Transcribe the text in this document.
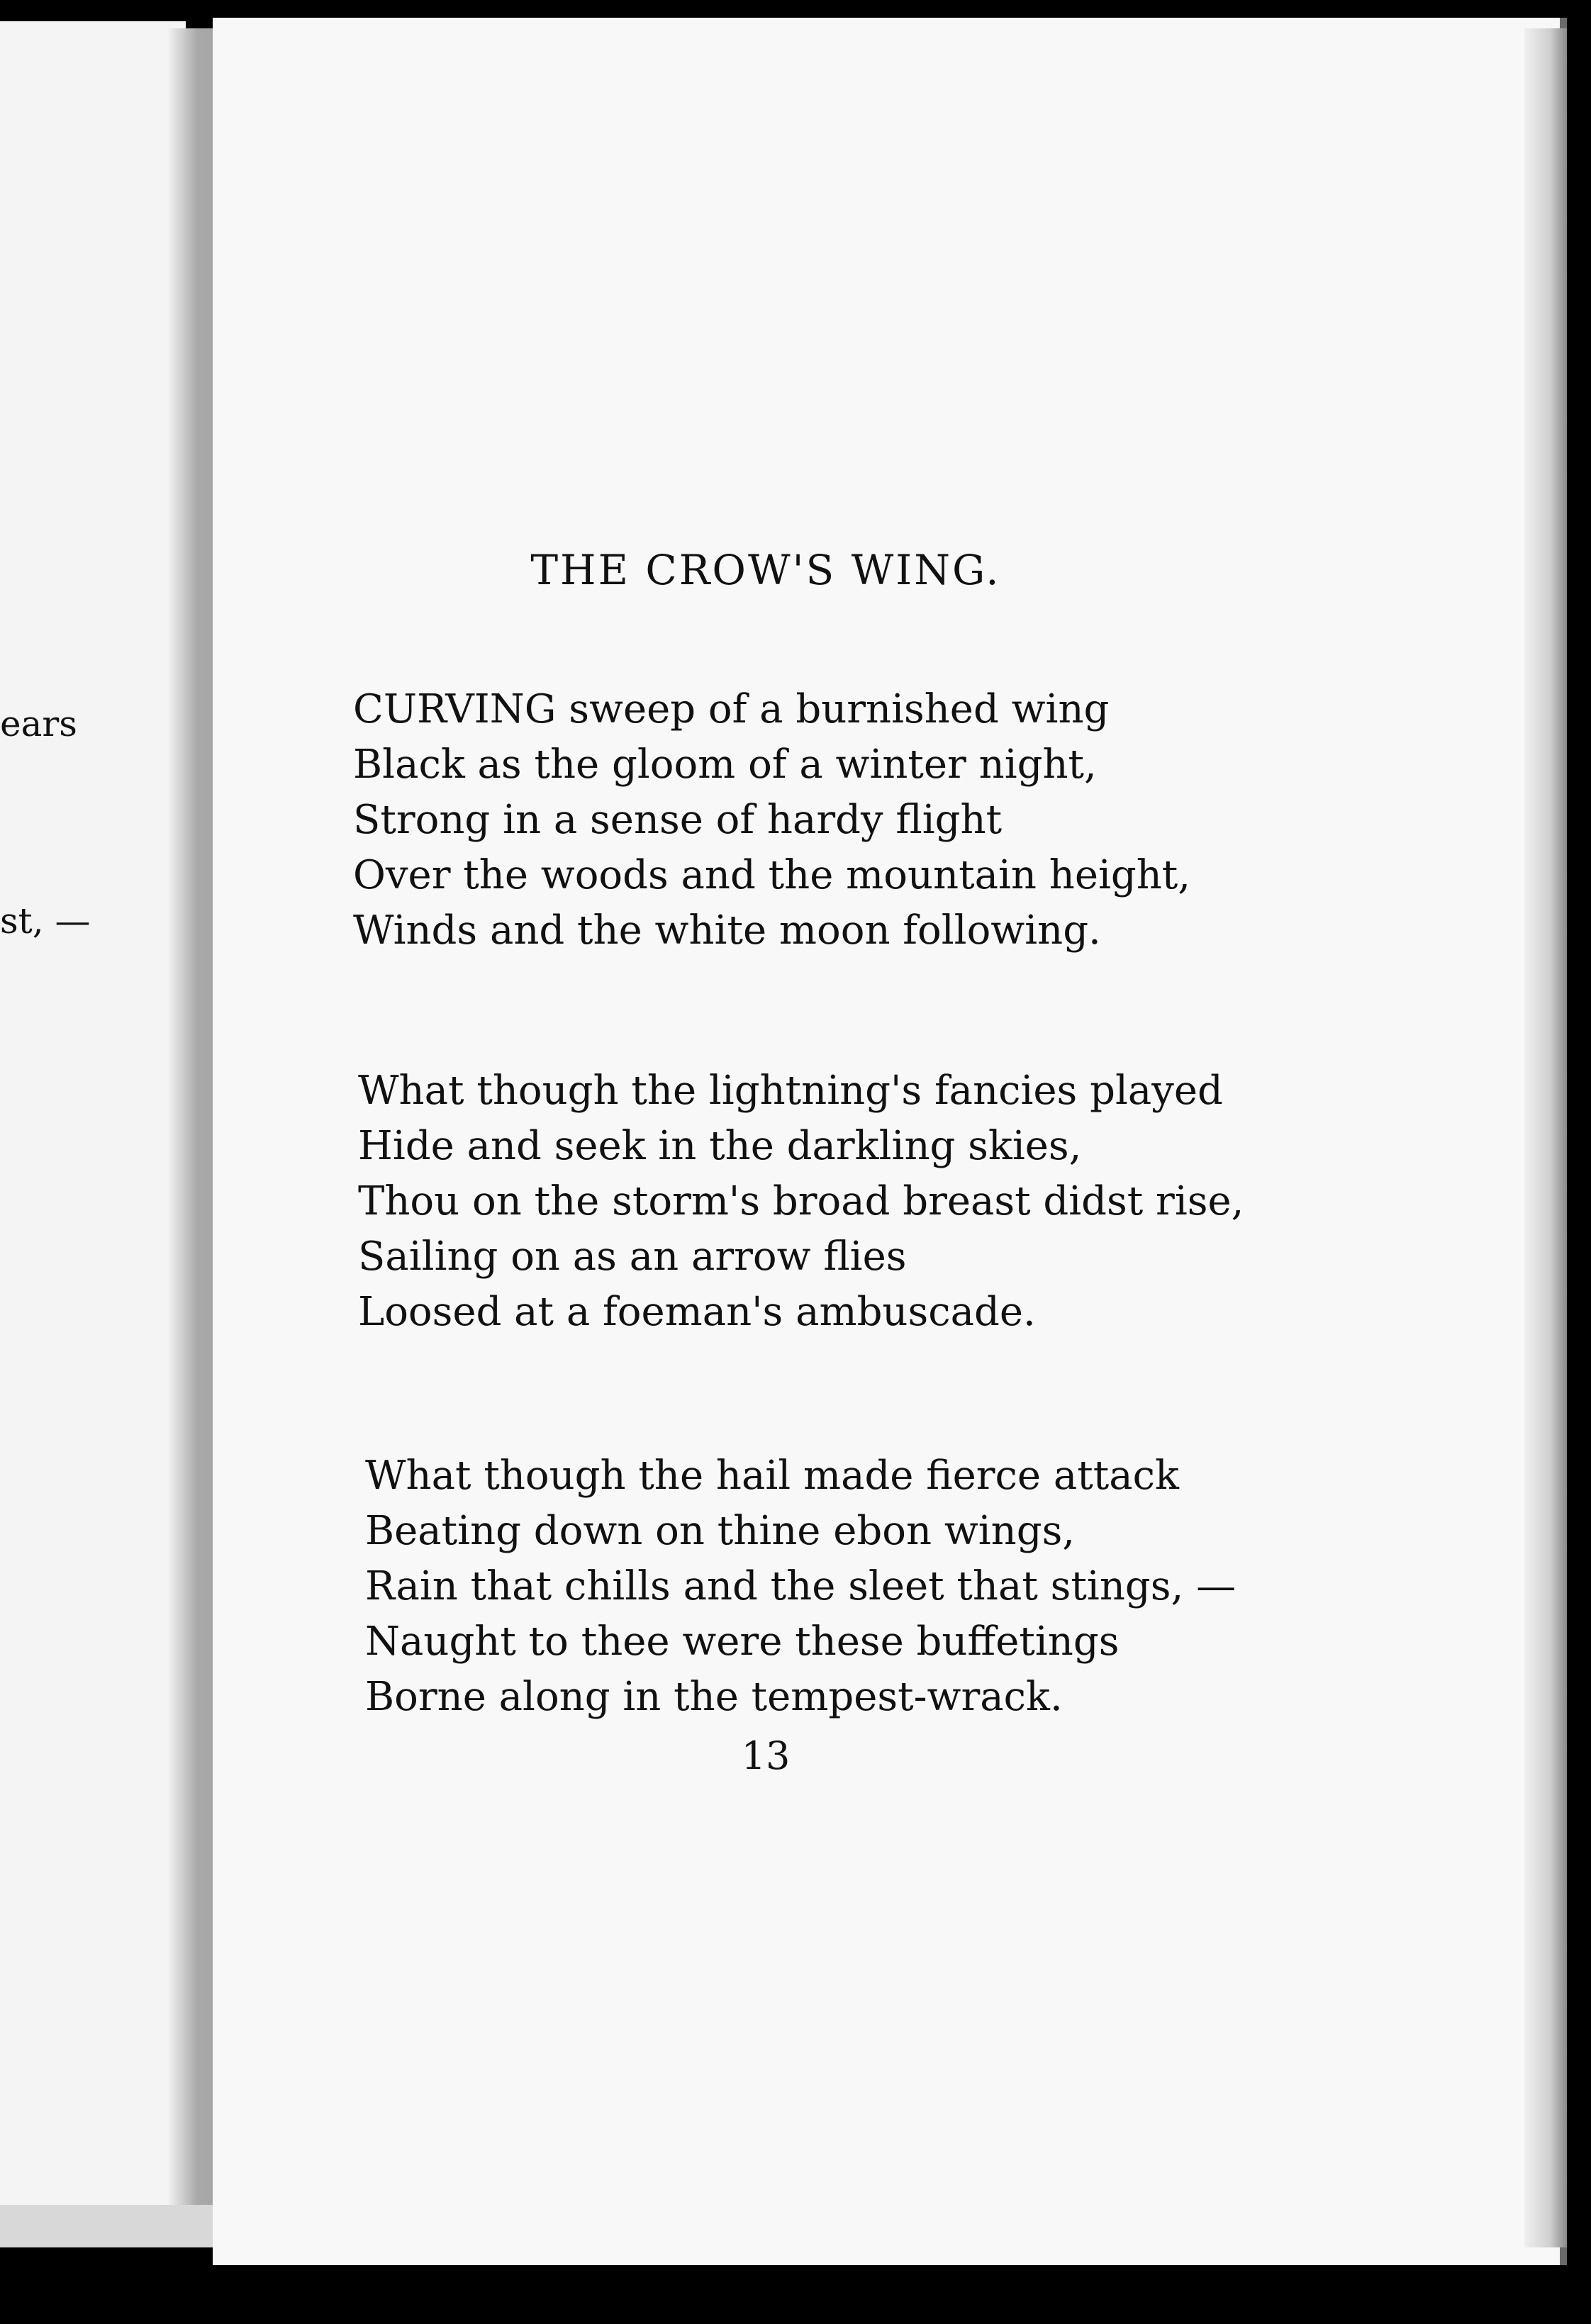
ears
st, —
THE CROW'S WING.
CURVING sweep of a burnished wing
Black as the gloom of a winter night,
Strong in a sense of hardy flight
Over the woods and the mountain height,
Winds and the white moon following.
What though the lightning's fancies played
Hide and seek in the darkling skies,
Thou on the storm's broad breast didst rise,
Sailing on as an arrow flies
Loosed at a foeman's ambuscade.
What though the hail made fierce attack
Beating down on thine ebon wings,
Rain that chills and the sleet that stings, —
Naught to thee were these buffetings
Borne along in the tempest-wrack.
13
